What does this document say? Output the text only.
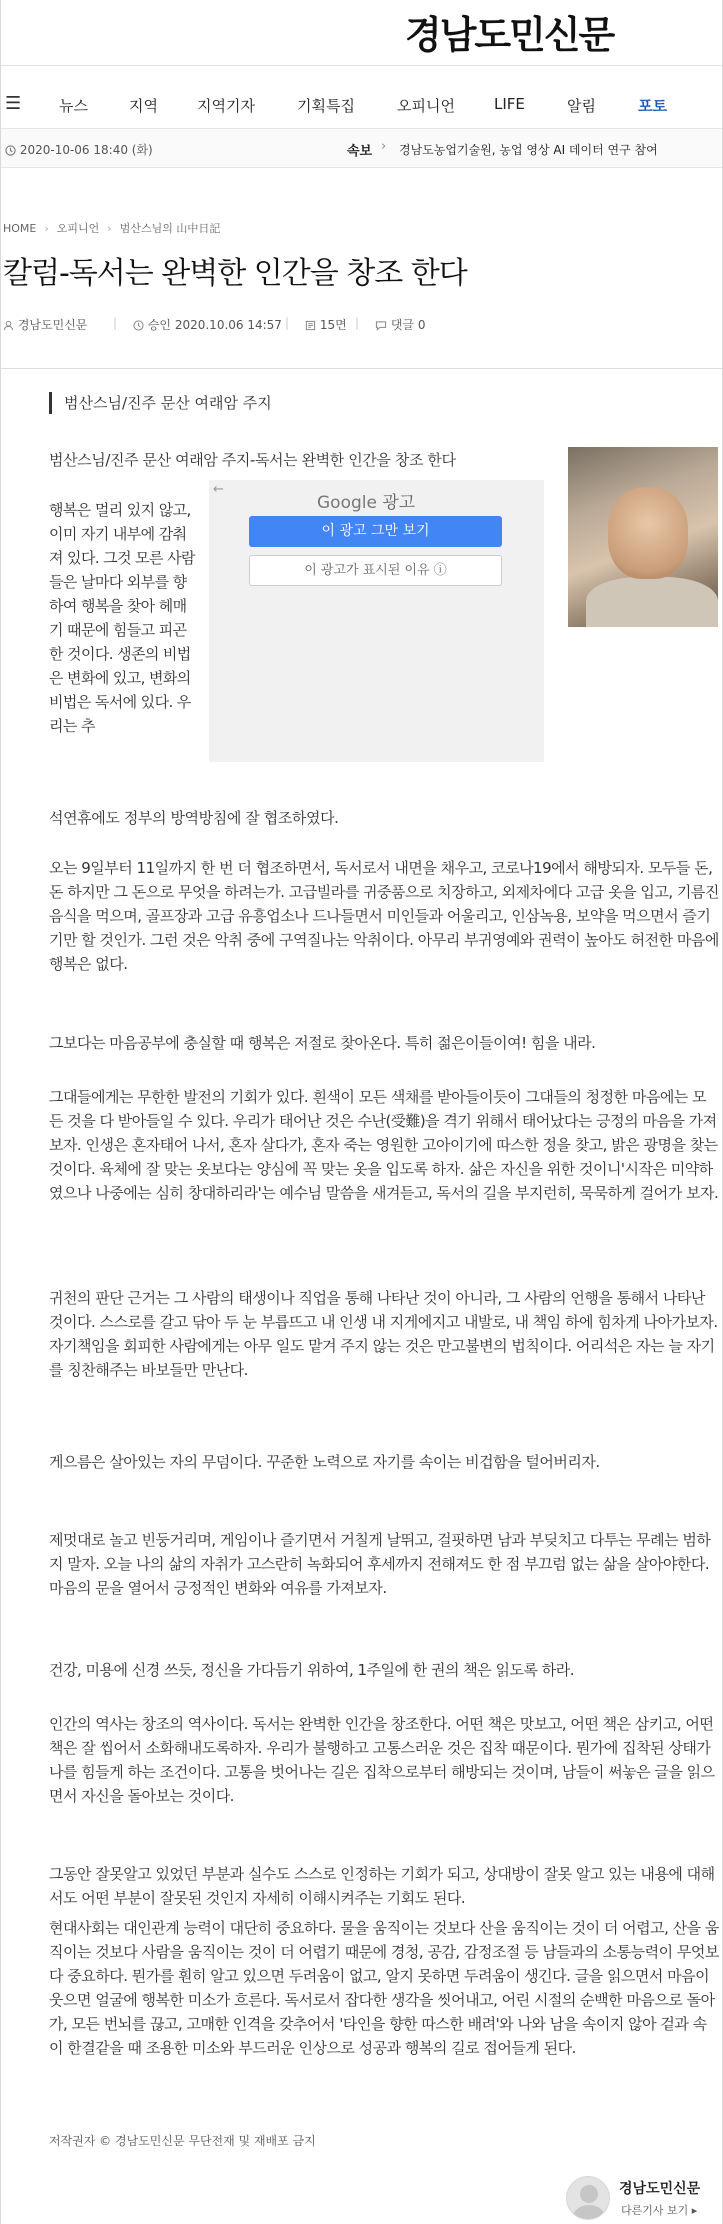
경남도민신문
☰	뉴스	지역	지역기자	기획특집	오피니언	LIFE	알림	포토
2020-10-06 18:40 (화)	속보 › 경남도농업기술원, 농업 영상 AI 데이터 연구 참여
HOME › 오피니언 › 범산스님의 山中日記
칼럼-독서는 완벽한 인간을 창조 한다
경남도민신문 |	승인 2020.10.06 14:57 |	15면 |	댓글 0
범산스님/진주 문산 여래암 주지
범산스님/진주 문산 여래암 주지-독서는 완벽한 인간을 창조 한다
행복은 멀리 있지 않고, 이미 자기 내부에 감춰져 있다. 그것 모른 사람들은 날마다 외부를 향하여 행복을 찾아 헤매기 때문에 힘들고 피곤한 것이다. 생존의 비법은 변화에 있고, 변화의 비법은 독서에 있다. 우리는 추
←
Google 광고
이 광고 그만 보기
이 광고가 표시된 이유 ⓘ
석연휴에도 정부의 방역방침에 잘 협조하였다.

오는 9일부터 11일까지 한 번 더 협조하면서, 독서로서 내면을 채우고, 코로나19에서 해방되자. 모두들 돈, 돈 하지만 그 돈으로 무엇을 하려는가. 고급빌라를 귀중품으로 치장하고, 외제차에다 고급 옷을 입고, 기름진 음식을 먹으며, 골프장과 고급 유흥업소나 드나들면서 미인들과 어울리고, 인삼녹용, 보약을 먹으면서 즐기기만 할 것인가. 그런 것은 악취 중에 구역질나는 악취이다. 아무리 부귀영예와 권력이 높아도 허전한 마음에 행복은 없다.

그보다는 마음공부에 충실할 때 행복은 저절로 찾아온다. 특히 젊은이들이여! 힘을 내라.

그대들에게는 무한한 발전의 기회가 있다. 흰색이 모든 색채를 받아들이듯이 그대들의 청정한 마음에는 모든 것을 다 받아들일 수 있다. 우리가 태어난 것은 수난(受難)을 격기 위해서 태어났다는 긍정의 마음을 가져보자. 인생은 혼자태어 나서, 혼자 살다가, 혼자 죽는 영원한 고아이기에 따스한 정을 찾고, 밝은 광명을 찾는 것이다. 육체에 잘 맞는 옷보다는 양심에 꼭 맞는 옷을 입도록 하자. 삶은 자신을 위한 것이니'시작은 미약하였으나 나중에는 심히 창대하리라'는 예수님 말씀을 새겨듣고, 독서의 길을 부지런히, 묵묵하게 걸어가 보자.

귀천의 판단 근거는 그 사람의 태생이나 직업을 통해 나타난 것이 아니라, 그 사람의 언행을 통해서 나타난 것이다. 스스로를 갈고 닦아 두 눈 부릅뜨고 내 인생 내 지게에지고 내발로, 내 책임 하에 힘차게 나아가보자. 자기책임을 회피한 사람에게는 아무 일도 맡겨 주지 않는 것은 만고불변의 법칙이다. 어리석은 자는 늘 자기를 칭찬해주는 바보들만 만난다.

게으름은 살아있는 자의 무덤이다. 꾸준한 노력으로 자기를 속이는 비겁함을 털어버리자.

제멋대로 놀고 빈둥거리며, 게임이나 즐기면서 거칠게 날뛰고, 걸핏하면 남과 부딪치고 다투는 무례는 범하지 말자. 오늘 나의 삶의 자취가 고스란히 녹화되어 후세까지 전해져도 한 점 부끄럼 없는 삶을 살아야한다. 마음의 문을 열어서 긍정적인 변화와 여유를 가져보자.

건강, 미용에 신경 쓰듯, 정신을 가다듬기 위하여, 1주일에 한 권의 책은 읽도록 하라.

인간의 역사는 창조의 역사이다. 독서는 완벽한 인간을 창조한다. 어떤 책은 맛보고, 어떤 책은 삼키고, 어떤 책은 잘 씹어서 소화해내도록하자. 우리가 불행하고 고통스러운 것은 집착 때문이다. 뭔가에 집착된 상태가 나를 힘들게 하는 조건이다. 고통을 벗어나는 길은 집착으로부터 해방되는 것이며, 남들이 써놓은 글을 읽으면서 자신을 돌아보는 것이다.

그동안 잘못알고 있었던 부분과 실수도 스스로 인정하는 기회가 되고, 상대방이 잘못 알고 있는 내용에 대해서도 어떤 부분이 잘못된 것인지 자세히 이해시켜주는 기회도 된다.

현대사회는 대인관계 능력이 대단히 중요하다. 물을 움직이는 것보다 산을 움직이는 것이 더 어렵고, 산을 움직이는 것보다 사람을 움직이는 것이 더 어렵기 때문에 경청, 공감, 감정조절 등 남들과의 소통능력이 무엇보다 중요하다. 뭔가를 훤히 알고 있으면 두려움이 없고, 알지 못하면 두려움이 생긴다. 글을 읽으면서 마음이 웃으면 얼굴에 행복한 미소가 흐른다. 독서로서 잡다한 생각을 씻어내고, 어린 시절의 순백한 마음으로 돌아가, 모든 번뇌를 끊고, 고매한 인격을 갖추어서 '타인을 향한 따스한 배려'와 나와 남을 속이지 않아 겉과 속이 한결같을 때 조용한 미소와 부드러운 인상으로 성공과 행복의 길로 접어들게 된다.

저작권자 © 경남도민신문 무단전재 및 재배포 금지
경남도민신문
다른기사 보기 ▸
